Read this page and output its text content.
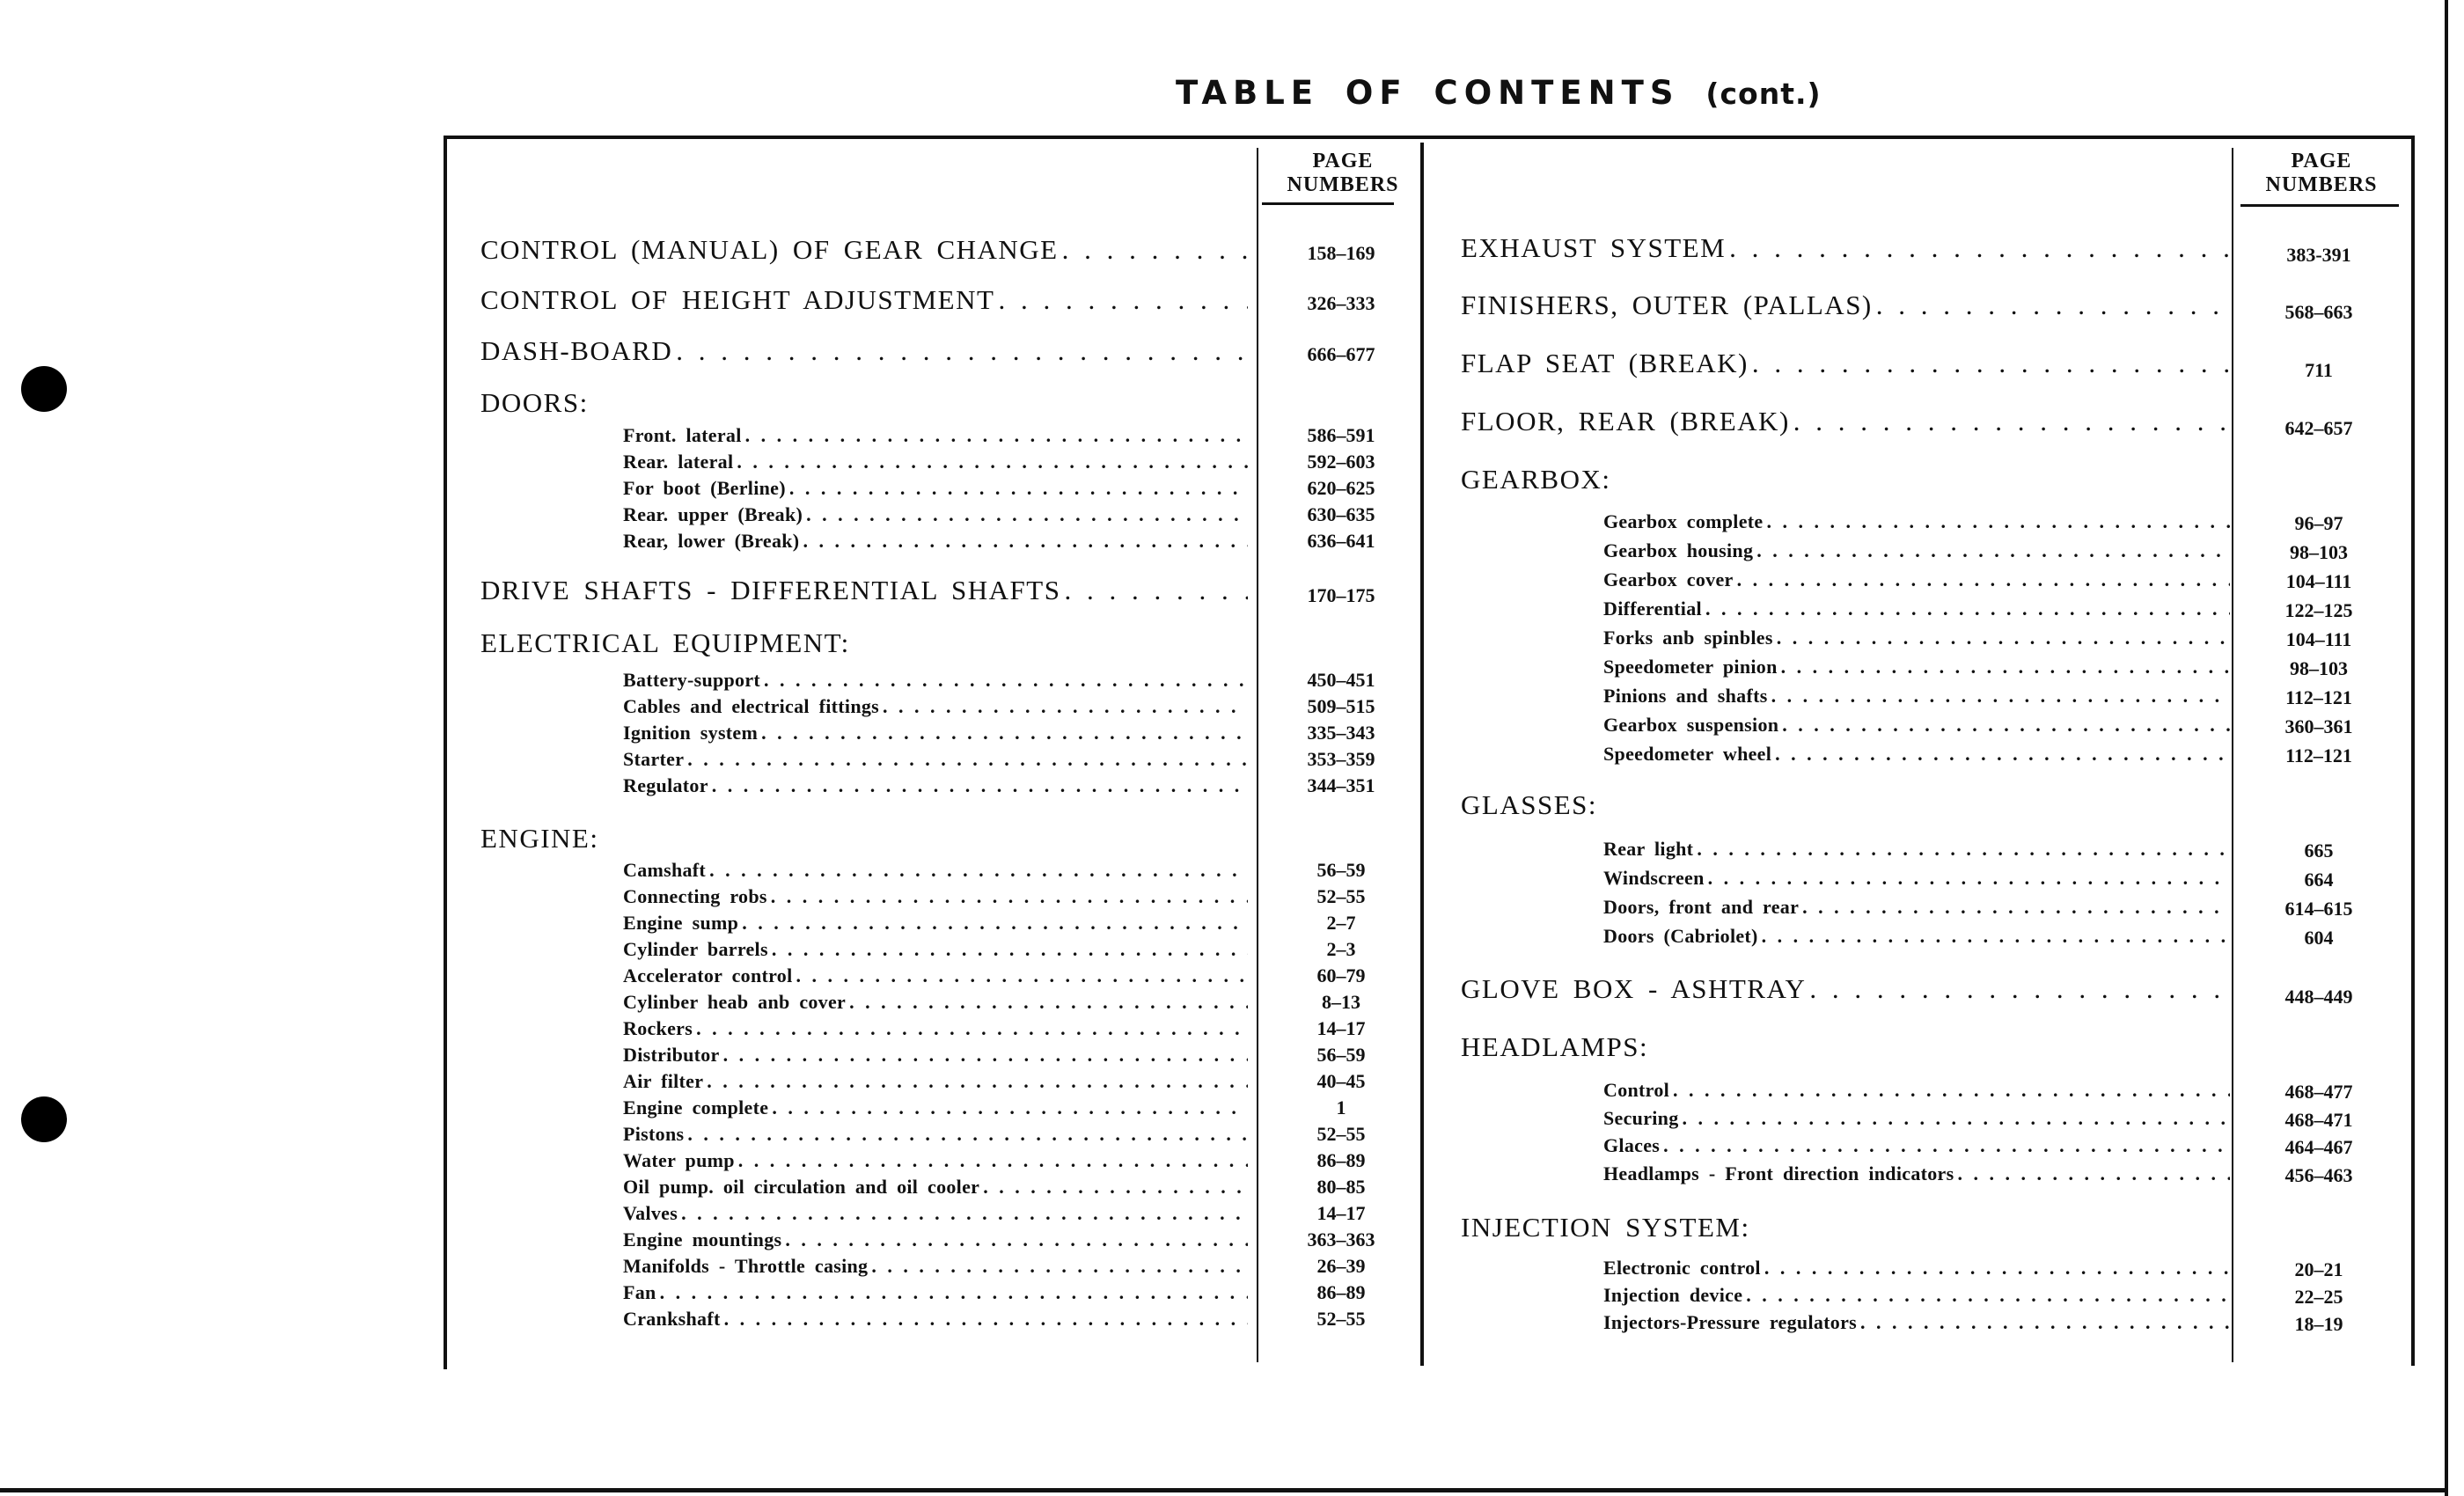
TABLE OF CONTENTS (cont.)
PAGE
NUMBERS
PAGE
NUMBERS
CONTROL (MANUAL) OF GEAR CHANGE . . .	158–169
CONTROL OF HEIGHT ADJUSTMENT . . .	326–333
DASH-BOARD . . .	666–677
DOORS:
Front. lateral . . .	586–591
Rear. lateral . . .	592–603
For boot (Berline) . . .	620–625
Rear. upper (Break) . . .	630–635
Rear, lower (Break) . . .	636–641
DRIVE SHAFTS - DIFFERENTIAL SHAFTS . . .	170–175
ELECTRICAL EQUIPMENT:
Battery-support . . .	450–451
Cables and electrical fittings . . .	509–515
Ignition system . . .	335–343
Starter . . .	353–359
Regulator . . .	344–351
ENGINE:
Camshaft . . .	56–59
Connecting robs . . .	52–55
Engine sump . . .	2–7
Cylinder barrels . . .	2–3
Accelerator control . . .	60–79
Cylinber heab anb cover . . .	8–13
Rockers . . .	14–17
Distributor . . .	56–59
Air filter . . .	40–45
Engine complete . . .	1
Pistons . . .	52–55
Water pump . . .	86–89
Oil pump. oil circulation and oil cooler . . .	80–85
Valves . . .	14–17
Engine mountings . . .	363–363
Manifolds - Throttle casing . . .	26–39
Fan . . .	86–89
Crankshaft . . .	52–55
EXHAUST SYSTEM . . .	383-391
FINISHERS, OUTER (PALLAS) . . .	568–663
FLAP SEAT (BREAK) . . .	711
FLOOR, REAR (BREAK) . . .	642–657
GEARBOX:
Gearbox complete . . .	96–97
Gearbox housing . . .	98–103
Gearbox cover . . .	104–111
Differential . . .	122–125
Forks anb spinbles . . .	104–111
Speedometer pinion . . .	98–103
Pinions and shafts . . .	112–121
Gearbox suspension . . .	360–361
Speedometer wheel . . .	112–121
GLASSES:
Rear light . . .	665
Windscreen . . .	664
Doors, front and rear . . .	614–615
Doors (Cabriolet) . . .	604
GLOVE BOX - ASHTRAY . . .	448–449
HEADLAMPS:
Control . . .	468–477
Securing . . .	468–471
Glaces . . .	464–467
Headlamps - Front direction indicators . . .	456–463
INJECTION SYSTEM:
Electronic control . . .	20–21
Injection device . . .	22–25
Injectors-Pressure regulators . . .	18–19
